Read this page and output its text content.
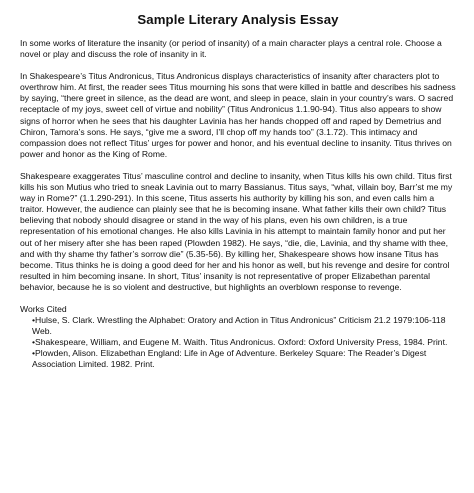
Sample Literary Analysis Essay

In some works of literature the insanity (or period of insanity) of a main character plays a central role. Choose a novel or play and discuss the role of insanity in it.

In Shakespeare’s Titus Andronicus, Titus Andronicus displays characteristics of insanity after characters plot to overthrow him. At first, the reader sees Titus mourning his sons that were killed in battle and describes his sadness by saying, “there greet in silence, as the dead are wont, and sleep in peace, slain in your country’s wars. O sacred receptacle of my joys, sweet cell of virtue and nobility” (Titus Andronicus 1.1.90-94). Titus also appears to show signs of horror when he sees that his daughter Lavinia has her hands chopped off and raped by Demetrius and Chiron, Tamora’s sons. He says, “give me a sword, I’ll chop off my hands too” (3.1.72). This intimacy and compassion does not reflect Titus’ urges for power and honor, and his eventual decline to insanity. Titus thrives on power and honor as the King of Rome.

Shakespeare exaggerates Titus’ masculine control and decline to insanity, when Titus kills his own child. Titus first kills his son Mutius who tried to sneak Lavinia out to marry Bassianus. Titus says, “what, villain boy, Barr’st me my way in Rome?” (1.1.290-291). In this scene, Titus asserts his authority by killing his son, and even calls him a traitor. However, the audience can plainly see that he is becoming insane. What father kills their own child? Titus believing that nobody should disagree or stand in the way of his plans, even his own children, is a true representation of his emotional changes. He also kills Lavinia in his attempt to maintain family honor and put her out of her misery after she has been raped (Plowden 1982). He says, “die, die, Lavinia, and thy shame with thee, and with thy shame thy father’s sorrow die” (5.35-56). By killing her, Shakespeare shows how insane Titus has become. Titus thinks he is doing a good deed for her and his honor as well, but his revenge and desire for control resulted in him becoming insane. In short, Titus’ insanity is not representative of proper Elizabethan parental behavior, because he is so violent and destructive, but highlights an overblown response to revenge.

Works Cited
•Hulse, S. Clark. Wrestling the Alphabet: Oratory and Action in Titus Andronicus” Criticism 21.2 1979:106-118 Web.
•Shakespeare, William, and Eugene M. Waith. Titus Andronicus. Oxford: Oxford University Press, 1984. Print.
•Plowden, Alison. Elizabethan England: Life in Age of Adventure. Berkeley Square: The Reader’s Digest Association Limited. 1982. Print.
